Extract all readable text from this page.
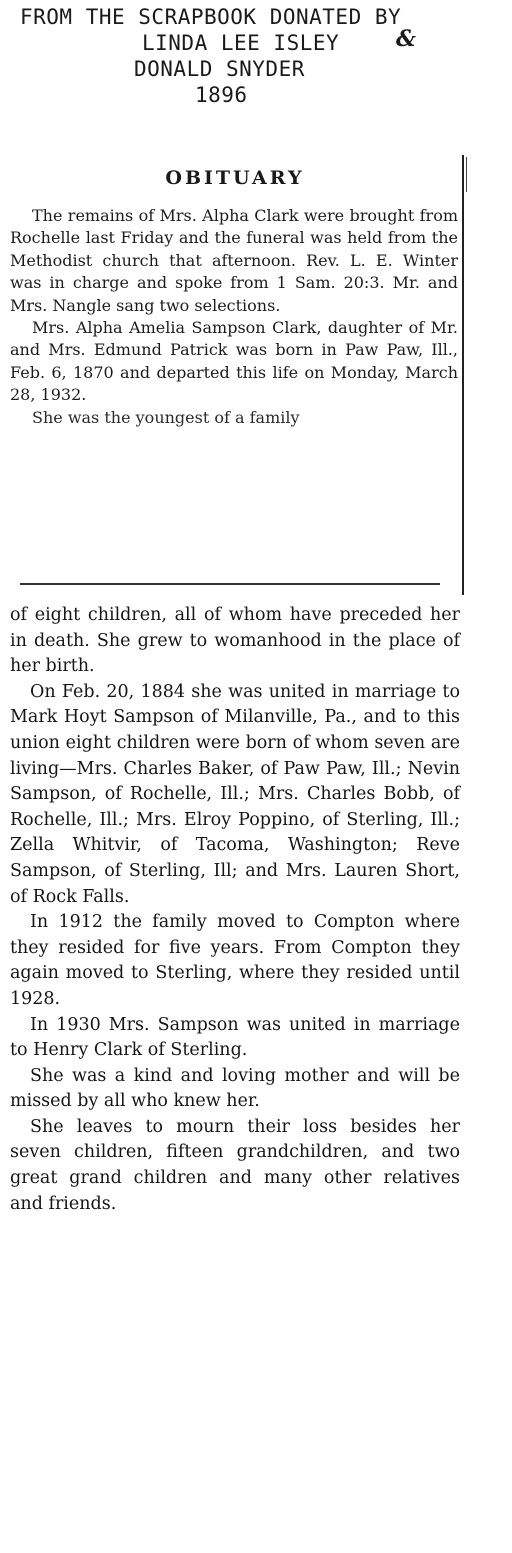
FROM THE SCRAPBOOK DONATED BY
LINDA LEE ISLEY
DONALD SNYDER
1896
&
OBITUARY

The remains of Mrs. Alpha Clark were brought from Rochelle last Friday and the funeral was held from the Methodist church that afternoon. Rev. L. E. Winter was in charge and spoke from 1 Sam. 20:3. Mr. and Mrs. Nangle sang two selections.

Mrs. Alpha Amelia Sampson Clark, daughter of Mr. and Mrs. Edmund Patrick was born in Paw Paw, Ill., Feb. 6, 1870 and departed this life on Monday, March 28, 1932.

She was the youngest of a family

of eight children, all of whom have preceded her in death. She grew to womanhood in the place of her birth.

On Feb. 20, 1884 she was united in marriage to Mark Hoyt Sampson of Milanville, Pa., and to this union eight children were born of whom seven are living—Mrs. Charles Baker, of Paw Paw, Ill.; Nevin Sampson, of Rochelle, Ill.; Mrs. Charles Bobb, of Rochelle, Ill.; Mrs. Elroy Poppino, of Sterling, Ill.; Zella Whitvir, of Tacoma, Washington; Reve Sampson, of Sterling, Ill; and Mrs. Lauren Short, of Rock Falls.

In 1912 the family moved to Compton where they resided for five years. From Compton they again moved to Sterling, where they resided until 1928.

In 1930 Mrs. Sampson was united in marriage to Henry Clark of Sterling.

She was a kind and loving mother and will be missed by all who knew her.

She leaves to mourn their loss besides her seven children, fifteen grandchildren, and two great grand children and many other relatives and friends.
